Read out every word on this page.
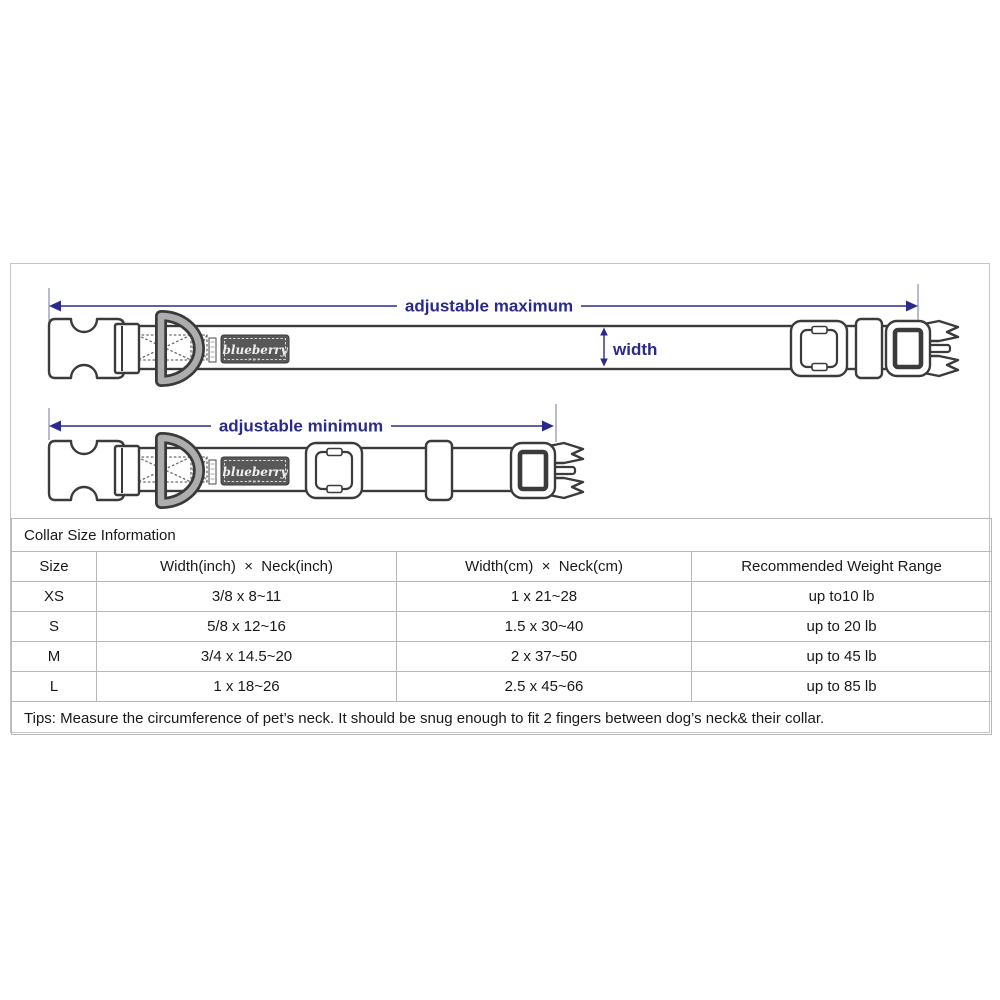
blueberry
PET
width
adjustable maximum
blueberry
PET
adjustable minimum
Collar Size Information			
Size	Width(inch)  ×  Neck(inch)	Width(cm)  ×  Neck(cm)	Recommended Weight Range
XS	3/8 x 8~11	1 x 21~28	up to10 lb
S	5/8 x 12~16	1.5 x 30~40	up to 20 lb
M	3/4 x 14.5~20	2 x 37~50	up to 45 lb
L	1 x 18~26	2.5 x 45~66	up to 85 lb
Tips: Measure the circumference of pet’s neck. It should be snug enough to fit 2 fingers between dog’s neck& their collar.			
